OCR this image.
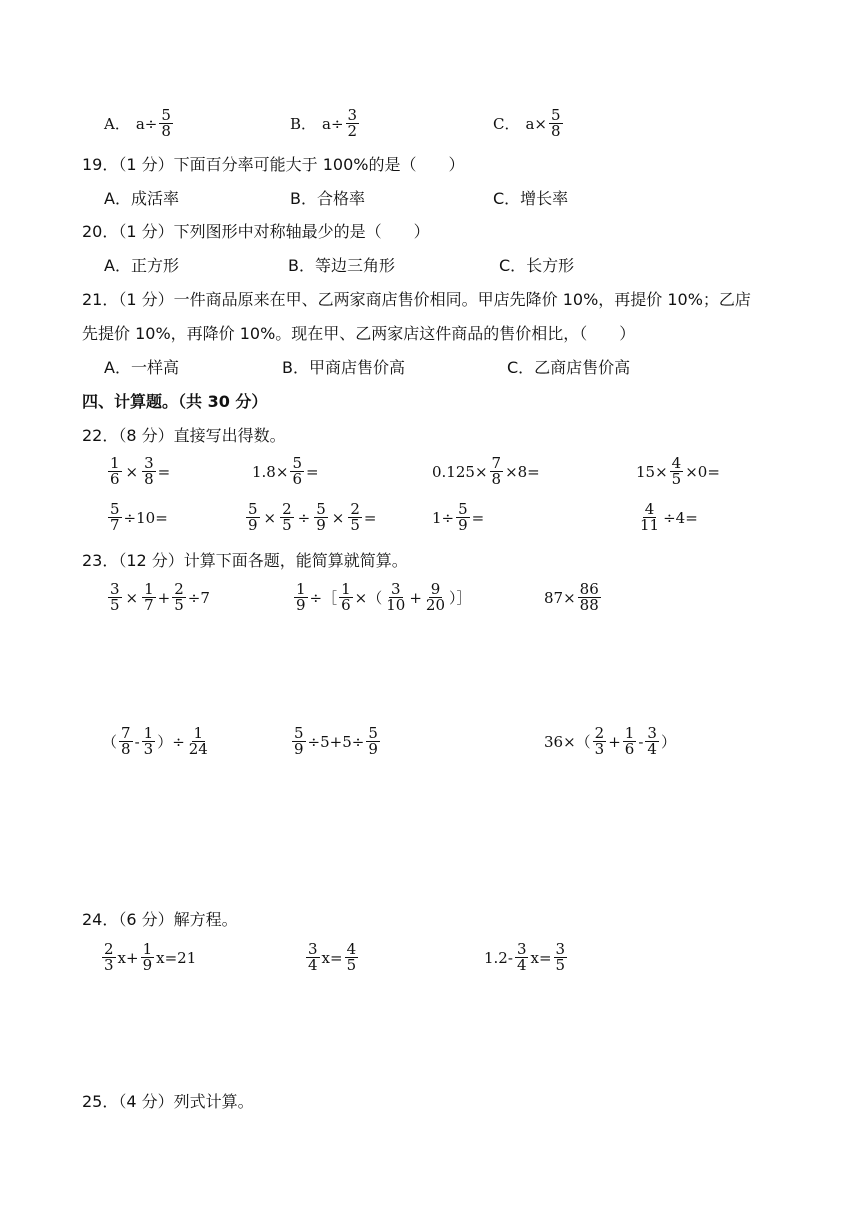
A． $a\div \frac{5}{8}$	B． $a\div \frac{3}{2}$	C． $a\times \frac{5}{8}$
19．（1 分）下面百分率可能大于 100%的是（　　）
A．成活率	B．合格率	C．增长率
20．（1 分）下列图形中对称轴最少的是（　　）
A．正方形	B．等边三角形	C．长方形
21．（1 分）一件商品原来在甲、乙两家商店售价相同。甲店先降价 10%，再提价 10%；乙店
先提价 10%，再降价 10%。现在甲、乙两家店这件商品的售价相比，（　　）
A．一样高	B．甲商店售价高	C．乙商店售价高
四、计算题。（共 30 分）
22．（8 分）直接写出得数。
$\frac{1}{6} \times \frac{3}{8}$ =	$1.8\times \frac{5}{6}$ =	$0.125\times \frac{7}{8} \times 8=$	$15\times \frac{4}{5} \times 0=$
$\frac{5}{7} \div 10=$	$\frac{5}{9} \times \frac{2}{5} \div \frac{5}{9} \times \frac{2}{5}$ =	$1\div \frac{5}{9}$ =	$\frac{4}{11} \div 4=$
23．（12 分）计算下面各题，能简算就简算。
$\frac{3}{5} \times \frac{1}{7} + \frac{2}{5} \div 7$	$\frac{1}{9}$ ÷［ $\frac{1}{6}$ ×（ $\frac{3}{10} + \frac{9}{20}$ ）］	$87\times \frac{86}{88}$
（ $\frac{7}{8} - \frac{1}{3}$ ）÷ $\frac{1}{24}$	$\frac{5}{9} \div 5+5\div \frac{5}{9}$	$36\times( \frac{2}{3} + \frac{1}{6} - \frac{3}{4}$ ）
24．（6 分）解方程。
$\frac{2}{3} x+ \frac{1}{9} x=21$	$\frac{3}{4} x= \frac{4}{5}$	$1.2- \frac{3}{4} x= \frac{3}{5}$
25．（4 分）列式计算。
